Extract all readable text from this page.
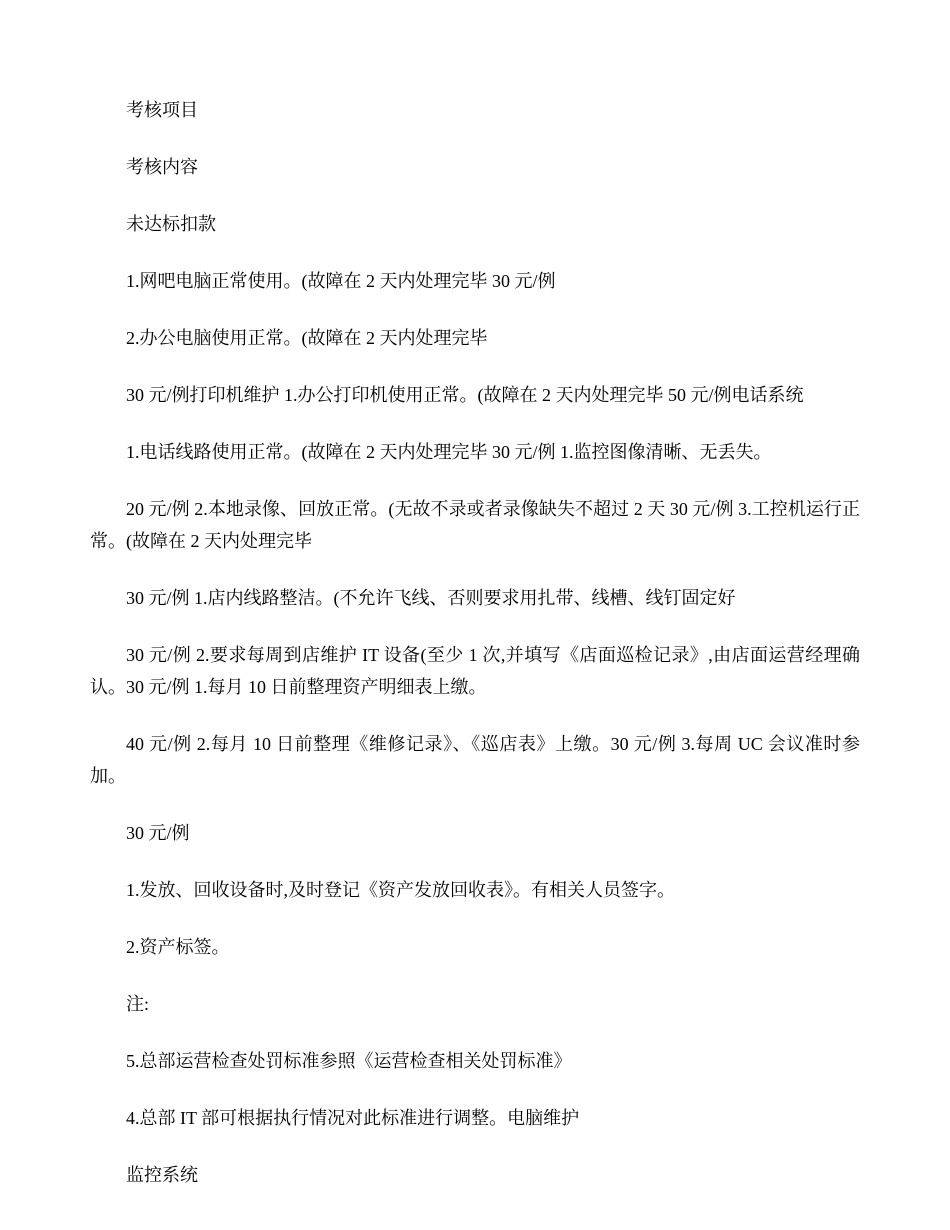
考核项目

考核内容

未达标扣款

1.网吧电脑正常使用。(故障在 2 天内处理完毕 30 元/例

2.办公电脑使用正常。(故障在 2 天内处理完毕

30 元/例打印机维护 1.办公打印机使用正常。(故障在 2 天内处理完毕 50 元/例电话系统

1.电话线路使用正常。(故障在 2 天内处理完毕 30 元/例 1.监控图像清晰、无丢失。

20 元/例 2.本地录像、回放正常。(无故不录或者录像缺失不超过 2 天 30 元/例 3.工控机运行正常。(故障在 2 天内处理完毕

30 元/例 1.店内线路整洁。(不允许飞线、否则要求用扎带、线槽、线钉固定好

30 元/例 2.要求每周到店维护 IT 设备(至少 1 次,并填写《店面巡检记录》,由店面运营经理确认。30 元/例 1.每月 10 日前整理资产明细表上缴。

40 元/例 2.每月 10 日前整理《维修记录》、《巡店表》上缴。30 元/例 3.每周 UC 会议准时参加。

30 元/例

1.发放、回收设备时,及时登记《资产发放回收表》。有相关人员签字。

2.资产标签。

注:

5.总部运营检查处罚标准参照《运营检查相关处罚标准》

4.总部 IT 部可根据执行情况对此标准进行调整。电脑维护

监控系统
